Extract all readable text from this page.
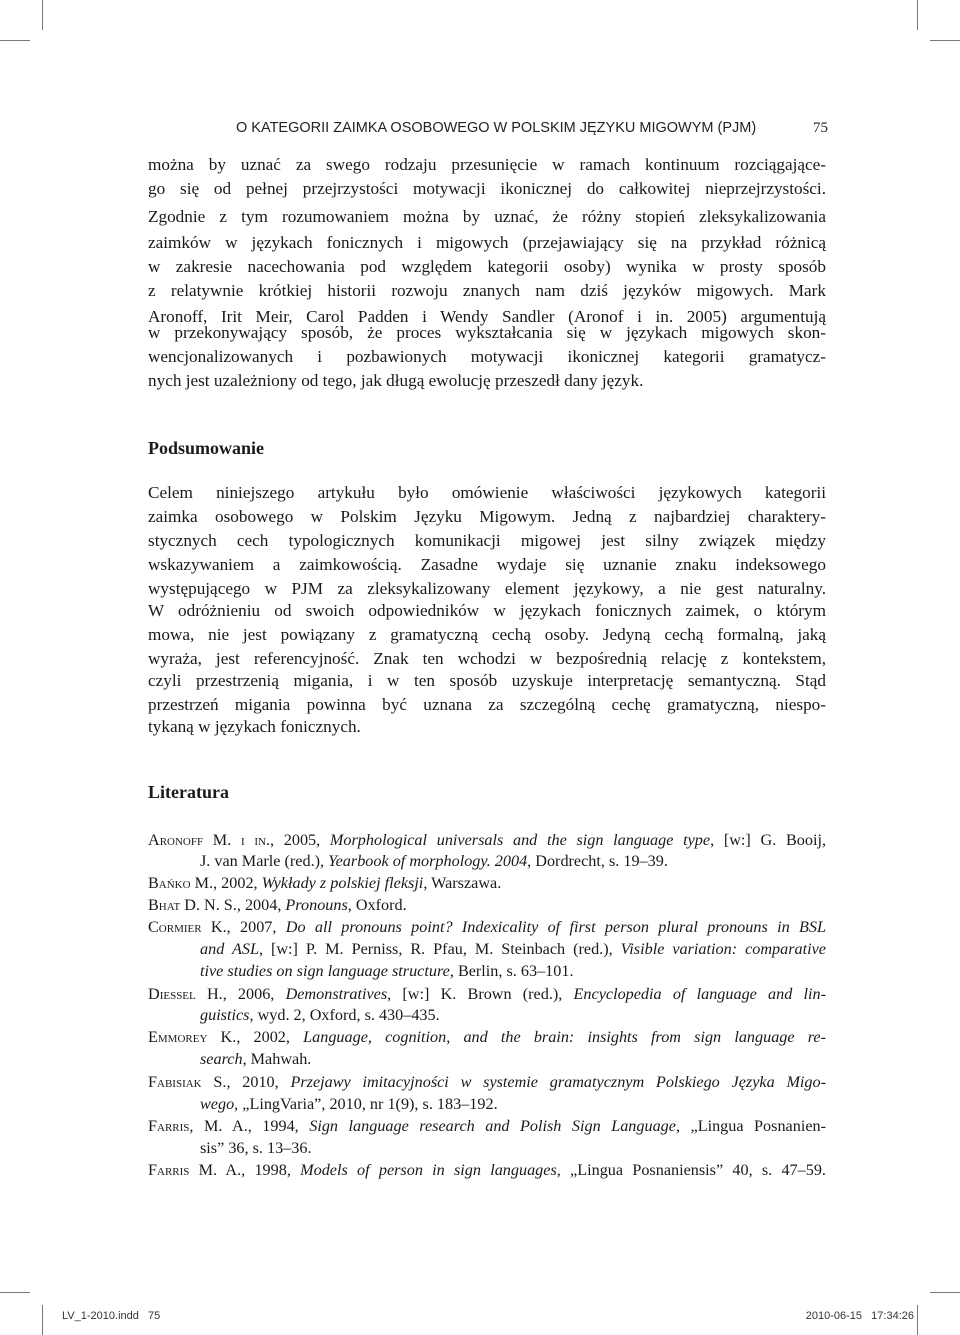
O KATEGORII ZAIMKA OSOBOWEGO W POLSKIM JĘZYKU MIGOWYM (PJM)	75
można by uznać za swego rodzaju przesunięcie w ramach kontinuum rozciągające-
go się od pełnej przejrzystości motywacji ikonicznej do całkowitej nieprzejrzystości.
Zgodnie z tym rozumowaniem można by uznać, że różny stopień zleksykalizowania
zaimków w językach fonicznych i migowych (przejawiający się na przykład różnicą
w zakresie nacechowania pod względem kategorii osoby) wynika w prosty sposób
z relatywnie krótkiej historii rozwoju znanych nam dziś języków migowych. Mark
Aronoff, Irit Meir, Carol Padden i Wendy Sandler (Aronof i in. 2005) argumentują
w przekonywający sposób, że proces wykształcania się w językach migowych skon-
wencjonalizowanych i pozbawionych motywacji ikonicznej kategorii gramatycz-
nych jest uzależniony od tego, jak długą ewolucję przeszedł dany język.
Podsumowanie
Celem niniejszego artykułu było omówienie właściwości językowych kategorii
zaimka osobowego w Polskim Języku Migowym. Jedną z najbardziej charaktery-
stycznych cech typologicznych komunikacji migowej jest silny związek między
wskazywaniem a zaimkowością. Zasadne wydaje się uznanie znaku indeksowego
występującego w PJM za zleksykalizowany element językowy, a nie gest naturalny.
W odróżnieniu od swoich odpowiedników w językach fonicznych zaimek, o którym
mowa, nie jest powiązany z gramatyczną cechą osoby. Jedyną cechą formalną, jaką
wyraża, jest referencyjność. Znak ten wchodzi w bezpośrednią relację z kontekstem,
czyli przestrzenią migania, i w ten sposób uzyskuje interpretację semantyczną. Stąd
przestrzeń migania powinna być uznana za szczególną cechę gramatyczną, niespo-
tykaną w językach fonicznych.
Literatura
Aronoff M. i in., 2005, Morphological universals and the sign language type, [w:] G. Booij,
J. van Marle (red.), Yearbook of morphology. 2004, Dordrecht, s. 19–39.
Bańko M., 2002, Wykłady z polskiej fleksji, Warszawa.
Bhat D. N. S., 2004, Pronouns, Oxford.
Cormier K., 2007, Do all pronouns point? Indexicality of first person plural pronouns in BSL
and ASL, [w:] P. M. Perniss, R. Pfau, M. Steinbach (red.), Visible variation: comparative
tive studies on sign language structure, Berlin, s. 63–101.
Diessel H., 2006, Demonstratives, [w:] K. Brown (red.), Encyclopedia of language and lin-
guistics, wyd. 2, Oxford, s. 430–435.
Emmorey K., 2002, Language, cognition, and the brain: insights from sign language re-
search, Mahwah.
Fabisiak S., 2010, Przejawy imitacyjności w systemie gramatycznym Polskiego Języka Migo-
wego, „LingVaria”, 2010, nr 1(9), s. 183–192.
Farris, M. A., 1994, Sign language research and Polish Sign Language, „Lingua Posnanien-
sis” 36, s. 13–36.
Farris M. A., 1998, Models of person in sign languages, „Lingua Posnaniensis” 40, s. 47–59.
LV_1-2010.indd   75	2010-06-15   17:34:26
